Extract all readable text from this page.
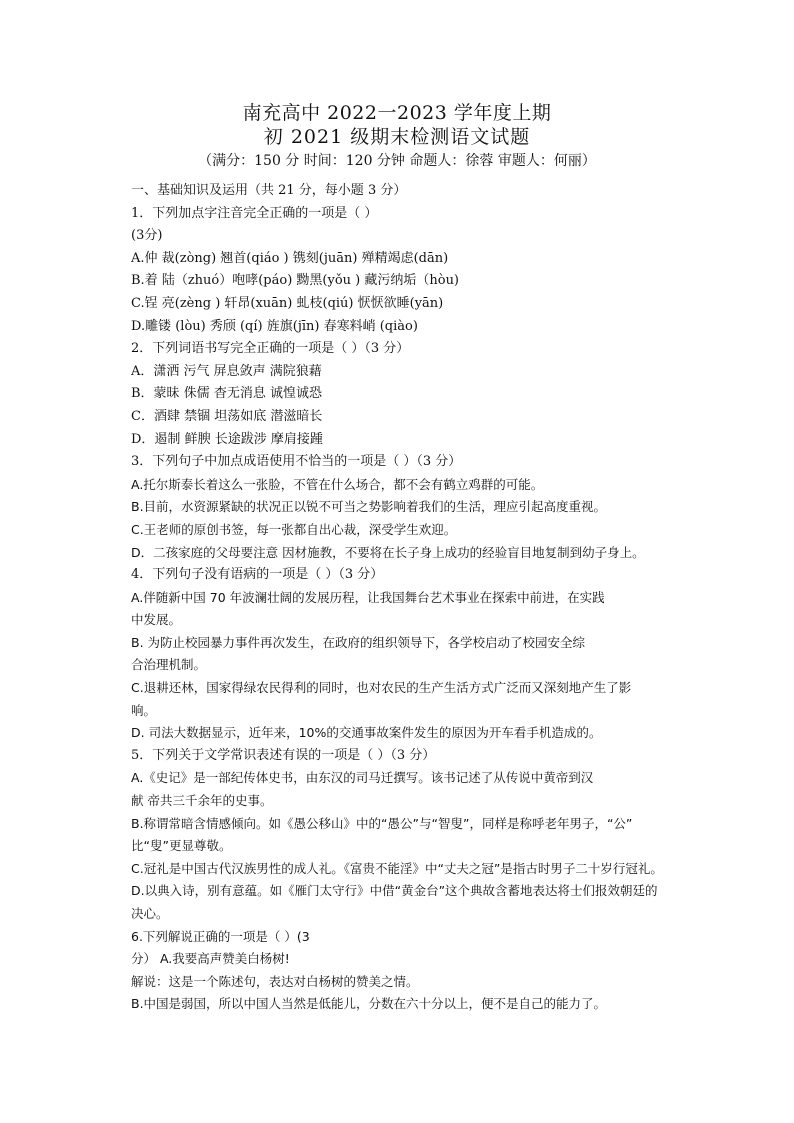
南充高中 2022一2023 学年度上期
初 2021 级期末检测语文试题
（满分：150 分 时间：120 分钟 命题人：徐蓉 审题人：何丽）
一、基础知识及运用（共 21 分，每小题 3 分）
1．下列加点字注音完全正确的一项是（ ）
(3分)
A.仲 裁(zòng) 翘首(qiáo ) 镌刻(juān) 殚精竭虑(dān)
B.着 陆（zhuó）咆哮(páo) 黝黑(yǒu ) 藏污纳垢（hòu)
C.锃 亮(zèng ) 轩昂(xuān) 虬枝(qiú) 恹恹欲睡(yān)
D.雕镂 (lòu) 秀颀 (qí) 旌旗(jīn) 春寒料峭 (qiào)
2．下列词语书写完全正确的一项是（ ）（3 分）
A．潇洒 污气 屏息敛声 满院狼藉
B．蒙昧 侏儒 杳无消息 诚惶诚恐
C．酒肆 禁锢 坦荡如底 潜滋暗长
D．遏制 鲜腴 长途跋涉 摩肩接踵
3．下列句子中加点成语使用不恰当的一项是（ ）（3 分）
A.托尔斯泰长着这么一张脸，不管在什么场合，都不会有鹤立鸡群的可能。
B.目前，水资源紧缺的状况正以锐不可当之势影响着我们的生活，理应引起高度重视。
C.王老师的原创书签，每一张都自出心裁，深受学生欢迎。
D．二孩家庭的父母要注意 因材施教，不要将在长子身上成功的经验盲目地复制到幼子身上。
4．下列句子没有语病的一项是（ ）（3 分）
A.伴随新中国 70 年波澜壮阔的发展历程，让我国舞台艺术事业在探索中前进，在实践
中发展。
B. 为防止校园暴力事件再次发生，在政府的组织领导下，各学校启动了校园安全综
合治理机制。
C.退耕还林，国家得绿农民得利的同时，也对农民的生产生活方式广泛而又深刻地产生了影
响。
D. 司法大数据显示，近年来，10%的交通事故案件发生的原因为开车看手机造成的。
5．下列关于文学常识表述有误的一项是（ ）（3 分）
A.《史记》是一部纪传体史书，由东汉的司马迁撰写。该书记述了从传说中黄帝到汉
献 帝共三千余年的史事。
B.称谓常暗含情感倾向。如《愚公移山》中的“愚公”与“智叟”，同样是称呼老年男子，“公”
比“叟”更显尊敬。
C.冠礼是中国古代汉族男性的成人礼。《富贵不能淫》中“丈夫之冠”是指古时男子二十岁行冠礼。
D.以典入诗，别有意蕴。如《雁门太守行》中借“黄金台”这个典故含蓄地表达将士们报效朝廷的
决心。
6.下列解说正确的一项是（ ）(3
分） A.我要高声赞美白杨树!
解说：这是一个陈述句，表达对白杨树的赞美之情。
B.中国是弱国，所以中国人当然是低能儿，分数在六十分以上，便不是自己的能力了。
